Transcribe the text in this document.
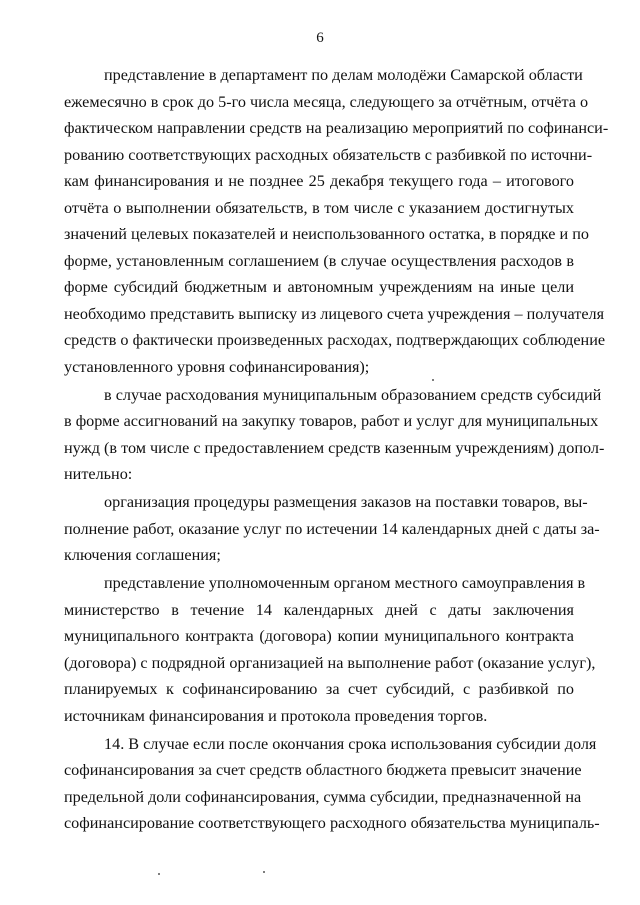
6
представление в департамент по делам молодёжи Самарской области
ежемесячно в срок до 5-го числа месяца, следующего за отчётным, отчёта о
фактическом направлении средств на реализацию мероприятий по софинанси-
рованию соответствующих расходных обязательств с разбивкой по источни-
кам финансирования и не позднее 25 декабря текущего года – итогового
отчёта о выполнении обязательств, в том числе с указанием достигнутых
значений целевых показателей и неиспользованного остатка, в порядке и по
форме, установленным соглашением (в случае осуществления расходов в
форме субсидий бюджетным и автономным учреждениям на иные цели
необходимо представить выписку из лицевого счета учреждения – получателя
средств о фактически произведенных расходах, подтверждающих соблюдение
установленного уровня софинансирования);
в случае расходования муниципальным образованием средств субсидий
в форме ассигнований на закупку товаров, работ и услуг для муниципальных
нужд (в том числе с предоставлением средств казенным учреждениям) допол-
нительно:
организация процедуры размещения заказов на поставки товаров, вы-
полнение работ, оказание услуг по истечении 14 календарных дней с даты за-
ключения соглашения;
представление уполномоченным органом местного самоуправления в
министерство в течение 14 календарных дней с даты заключения
муниципального контракта (договора) копии муниципального контракта
(договора) с подрядной организацией на выполнение работ (оказание услуг),
планируемых к софинансированию за счет субсидий, с разбивкой по
источникам финансирования и протокола проведения торгов.
14. В случае если после окончания срока использования субсидии доля
софинансирования за счет средств областного бюджета превысит значение
предельной доли софинансирования, сумма субсидии, предназначенной на
софинансирование соответствующего расходного обязательства муниципаль-
